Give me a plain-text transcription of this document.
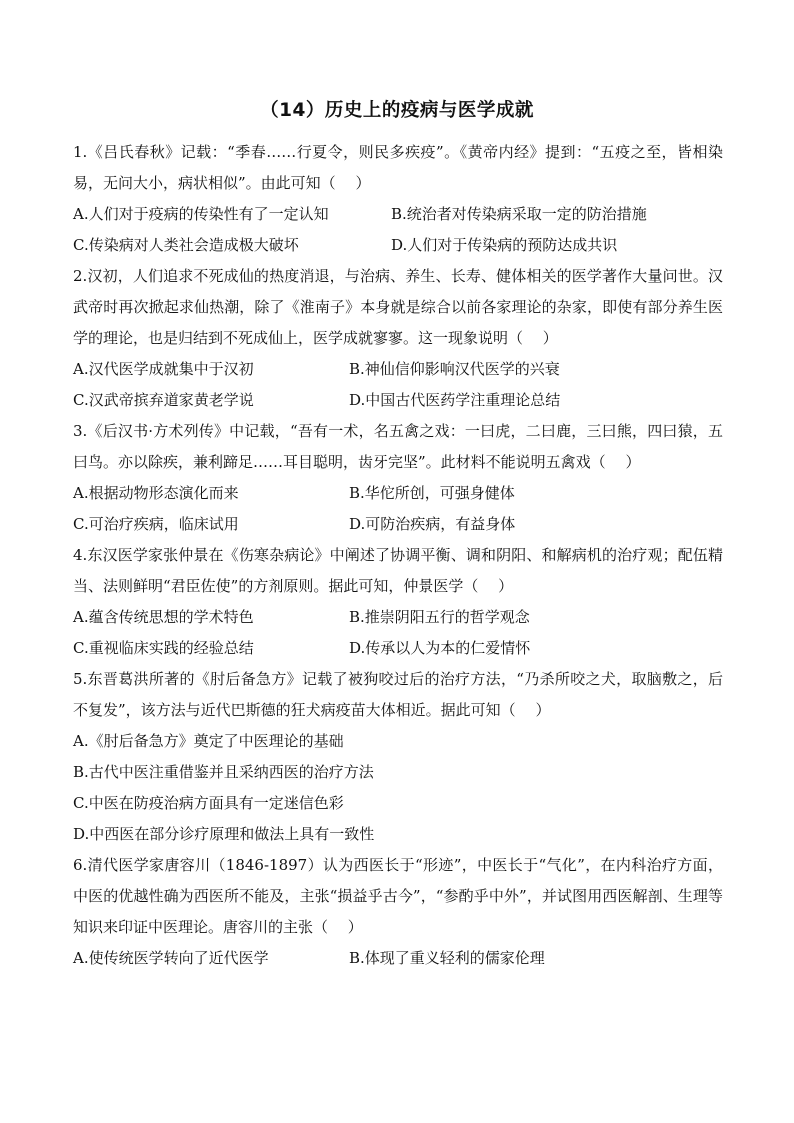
（14）历史上的疫病与医学成就

1.《吕氏春秋》记载：“季春……行夏令，则民多疾疫”。《黄帝内经》提到：“五疫之至，皆相染易，无问大小，病状相似”。由此可知（　 ）

A.人们对于疫病的传染性有了一定认知	B.统治者对传染病采取一定的防治措施
C.传染病对人类社会造成极大破坏	D.人们对于传染病的预防达成共识

2.汉初，人们追求不死成仙的热度消退，与治病、养生、长寿、健体相关的医学著作大量问世。汉武帝时再次掀起求仙热潮，除了《淮南子》本身就是综合以前各家理论的杂家，即使有部分养生医学的理论，也是归结到不死成仙上，医学成就寥寥。这一现象说明（　 ）

A.汉代医学成就集中于汉初	B.神仙信仰影响汉代医学的兴衰
C.汉武帝摈弃道家黄老学说	D.中国古代医药学注重理论总结

3.《后汉书·方术列传》中记载，“吾有一术，名五禽之戏：一曰虎，二曰鹿，三曰熊，四曰猿，五曰鸟。亦以除疾，兼利蹄足……耳目聪明，齿牙完坚”。此材料不能说明五禽戏（　 ）

A.根据动物形态演化而来	B.华佗所创，可强身健体
C.可治疗疾病，临床试用	D.可防治疾病，有益身体

4.东汉医学家张仲景在《伤寒杂病论》中阐述了协调平衡、调和阴阳、和解病机的治疗观；配伍精当、法则鲜明“君臣佐使”的方剂原则。据此可知，仲景医学（　 ）

A.蕴含传统思想的学术特色	B.推崇阴阳五行的哲学观念
C.重视临床实践的经验总结	D.传承以人为本的仁爱情怀

5.东晋葛洪所著的《肘后备急方》记载了被狗咬过后的治疗方法，“乃杀所咬之犬，取脑敷之，后不复发”，该方法与近代巴斯德的狂犬病疫苗大体相近。据此可知（　 ）

A.《肘后备急方》奠定了中医理论的基础
B.古代中医注重借鉴并且采纳西医的治疗方法
C.中医在防疫治病方面具有一定迷信色彩
D.中西医在部分诊疗原理和做法上具有一致性

6.清代医学家唐容川（1846-1897）认为西医长于“形迹”，中医长于“气化”，在内科治疗方面，中医的优越性确为西医所不能及，主张“损益乎古今”，“参酌乎中外”，并试图用西医解剖、生理等知识来印证中医理论。唐容川的主张（　 ）

A.使传统医学转向了近代医学	B.体现了重义轻利的儒家伦理
